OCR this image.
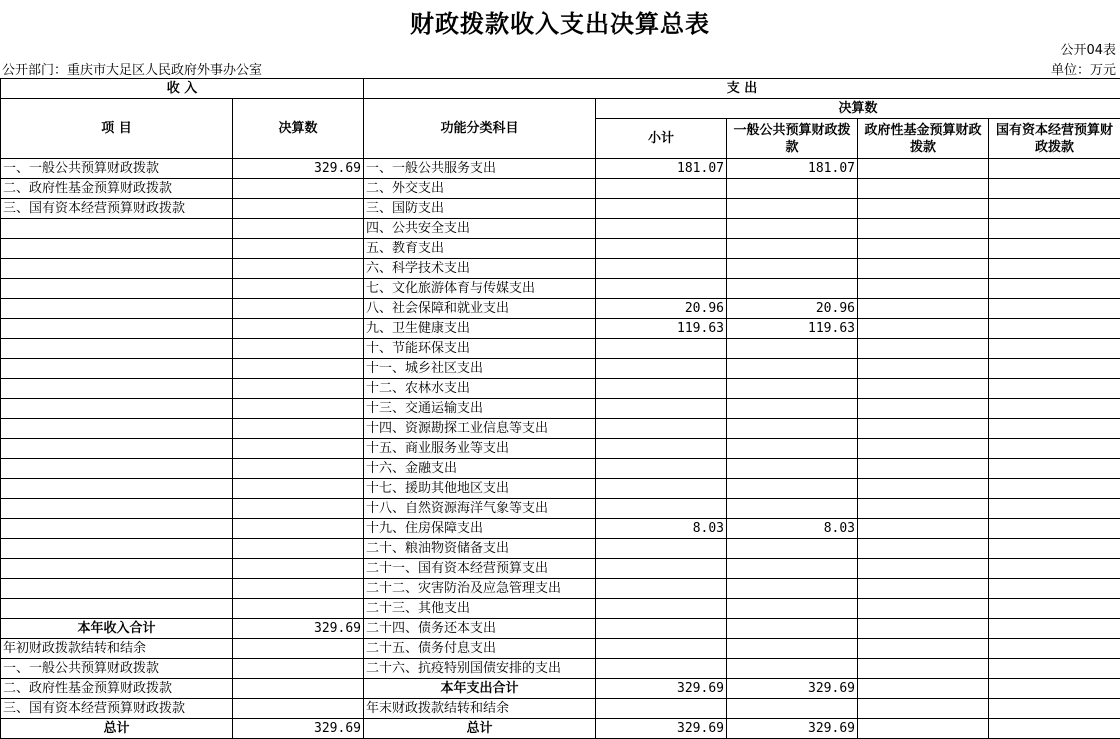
财政拨款收入支出决算总表
公开04表
公开部门：重庆市大足区人民政府外事办公室	单位：万元
收 入		支 出				
项 目	决算数	功能分类科目	决算数			
			小计	一般公共预算财政拨款	政府性基金预算财政拨款	国有资本经营预算财政拨款
一、一般公共预算财政拨款	329.69	一、一般公共服务支出	181.07	181.07		
二、政府性基金预算财政拨款		二、外交支出				
三、国有资本经营预算财政拨款		三、国防支出				
		四、公共安全支出				
		五、教育支出				
		六、科学技术支出				
		七、文化旅游体育与传媒支出				
		八、社会保障和就业支出	20.96	20.96		
		九、卫生健康支出	119.63	119.63		
		十、节能环保支出				
		十一、城乡社区支出				
		十二、农林水支出				
		十三、交通运输支出				
		十四、资源勘探工业信息等支出				
		十五、商业服务业等支出				
		十六、金融支出				
		十七、援助其他地区支出				
		十八、自然资源海洋气象等支出				
		十九、住房保障支出	8.03	8.03		
		二十、粮油物资储备支出				
		二十一、国有资本经营预算支出				
		二十二、灾害防治及应急管理支出				
		二十三、其他支出				
本年收入合计	329.69	二十四、债务还本支出				
年初财政拨款结转和结余		二十五、债务付息支出				
一、一般公共预算财政拨款		二十六、抗疫特别国债安排的支出				
二、政府性基金预算财政拨款		本年支出合计	329.69	329.69		
三、国有资本经营预算财政拨款		年末财政拨款结转和结余				
总计	329.69	总计	329.69	329.69		
